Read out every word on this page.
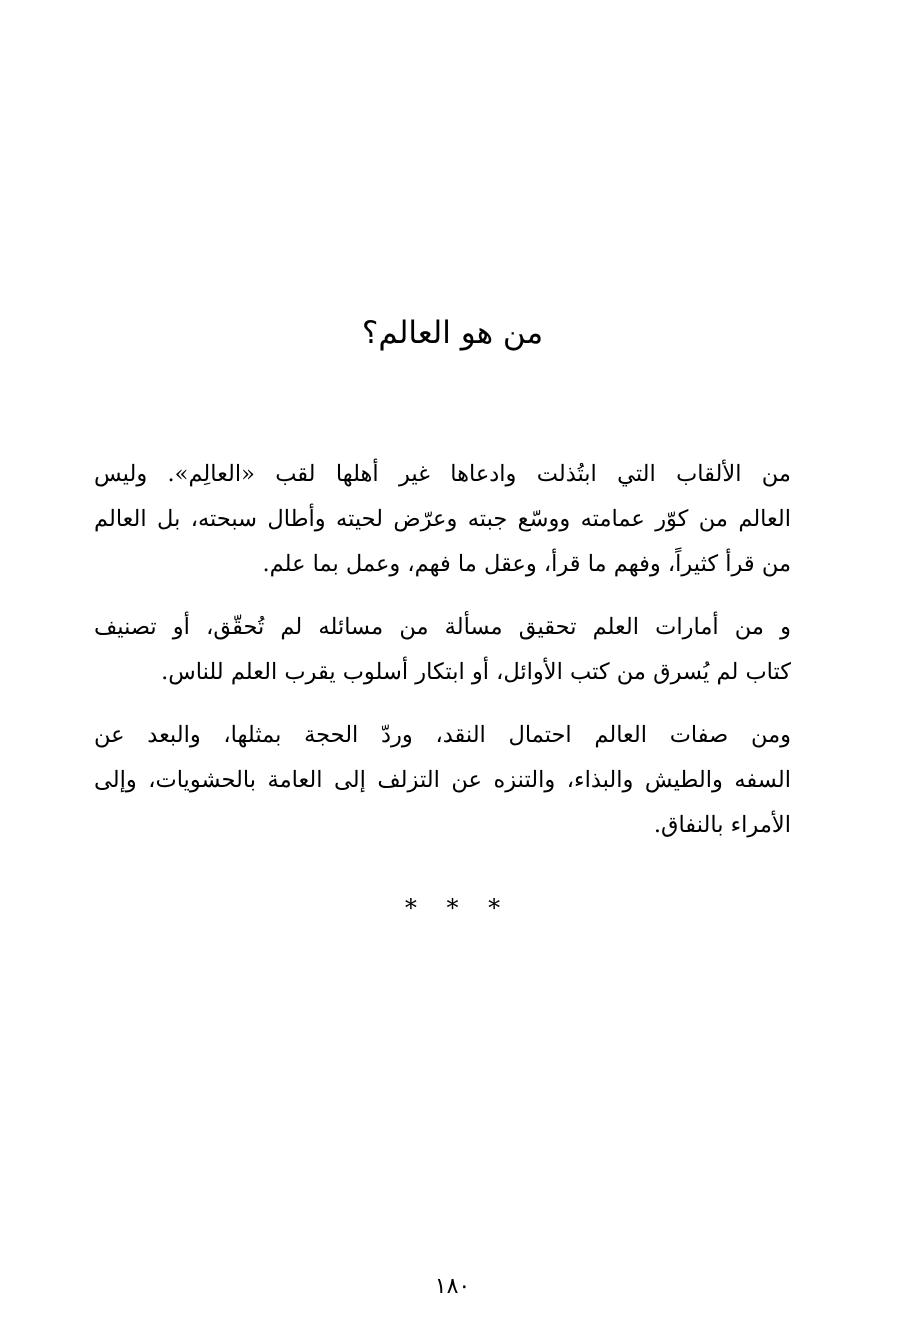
من هو العالم؟

من الألقاب التي ابتُذلت وادعاها غير أهلها لقب «العالِم». وليس
العالم من كوّر عمامته ووسّع جبته وعرّض لحيته وأطال سبحته، بل العالم
من قرأ كثيراً، وفهم ما قرأ، وعقل ما فهم، وعمل بما علم.

و من أمارات العلم تحقيق مسألة من مسائله لم تُحقّق، أو تصنيف
كتاب لم يُسرق من كتب الأوائل، أو ابتكار أسلوب يقرب العلم للناس.

ومن صفات العالم احتمال النقد، وردّ الحجة بمثلها، والبعد عن
السفه والطيش والبذاء، والتنزه عن التزلف إلى العامة بالحشويات، وإلى
الأمراء بالنفاق.

* * *
١٨٠
